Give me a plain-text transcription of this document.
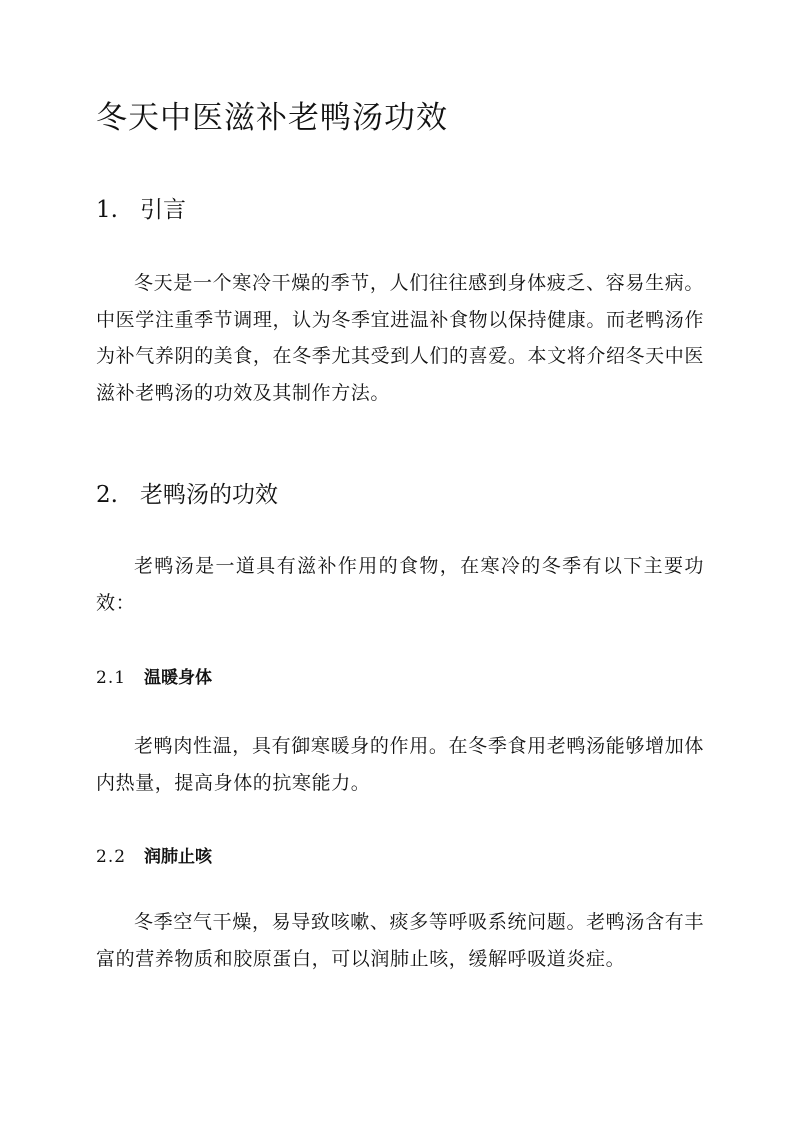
冬天中医滋补老鸭汤功效
1. 引言

冬天是一个寒冷干燥的季节，人们往往感到身体疲乏、容易生病。中医学注重季节调理，认为冬季宜进温补食物以保持健康。而老鸭汤作为补气养阴的美食，在冬季尤其受到人们的喜爱。本文将介绍冬天中医滋补老鸭汤的功效及其制作方法。

2. 老鸭汤的功效

老鸭汤是一道具有滋补作用的食物，在寒冷的冬季有以下主要功效：

2.1 温暖身体

老鸭肉性温，具有御寒暖身的作用。在冬季食用老鸭汤能够增加体内热量，提高身体的抗寒能力。

2.2 润肺止咳

冬季空气干燥，易导致咳嗽、痰多等呼吸系统问题。老鸭汤含有丰富的营养物质和胶原蛋白，可以润肺止咳，缓解呼吸道炎症。
